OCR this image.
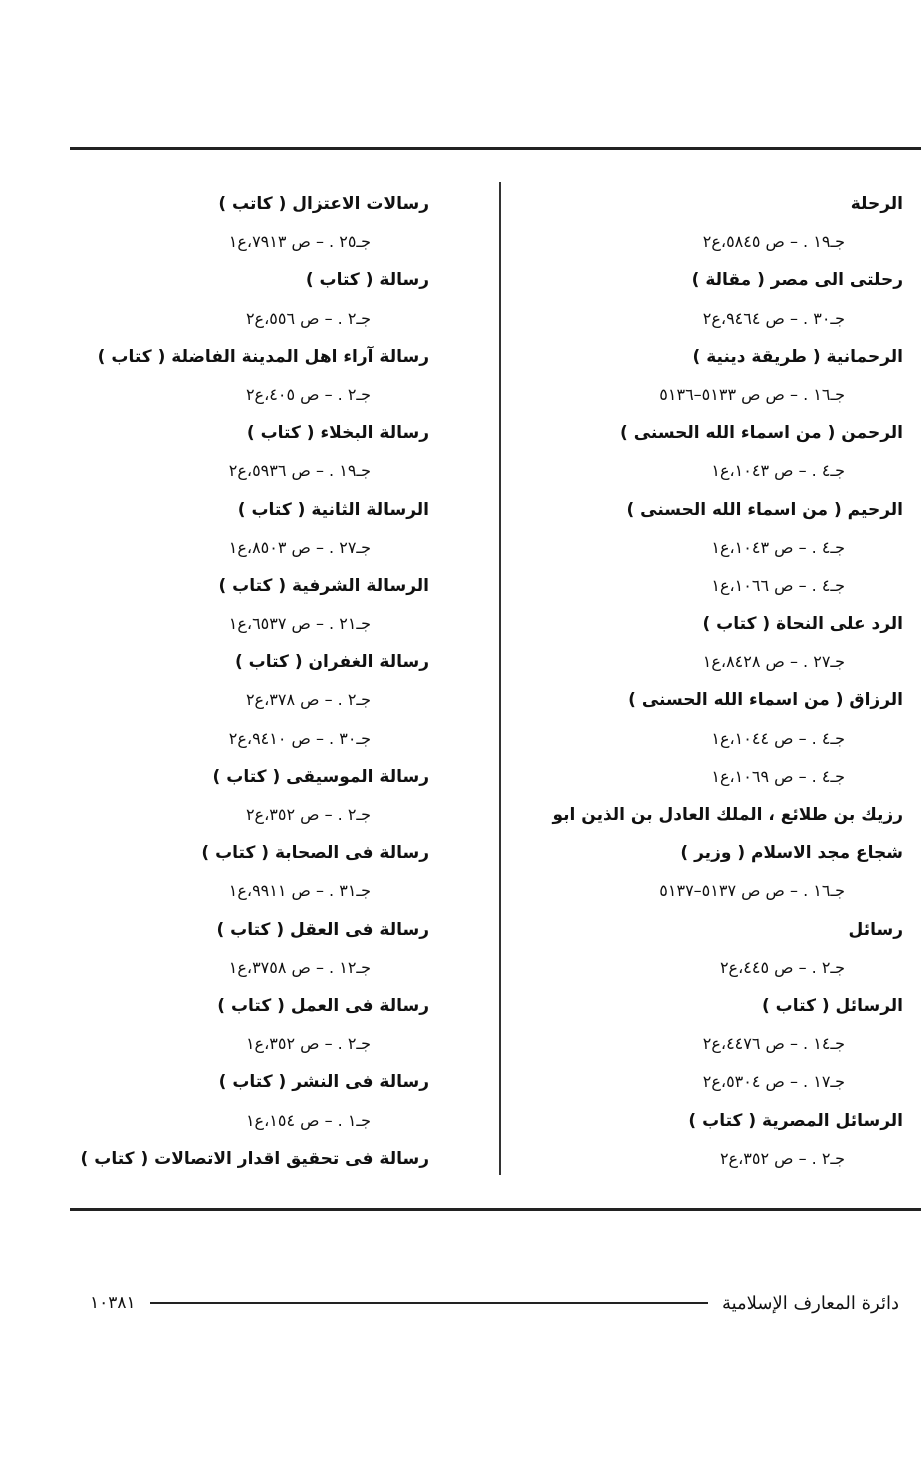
الرحلة
جـ١٩ . – ص ٥٨٤٥،ع٢
رحلتى الى مصر ( مقالة )
جـ٣٠ . – ص ٩٤٦٤،ع٢
الرحمانية ( طريقة دينية )
جـ١٦ . – ص ص ٥١٣٣–٥١٣٦
الرحمن ( من اسماء الله الحسنى )
جـ٤ . – ص ١٠٤٣،ع١
الرحيم ( من اسماء الله الحسنى )
جـ٤ . – ص ١٠٤٣،ع١
جـ٤ . – ص ١٠٦٦،ع١
الرد على النحاة ( كتاب )
جـ٢٧ . – ص ٨٤٢٨،ع١
الرزاق ( من اسماء الله الحسنى )
جـ٤ . – ص ١٠٤٤،ع١
جـ٤ . – ص ١٠٦٩،ع١
رزيك بن طلائع ، الملك العادل بن الذين ابو
شجاع مجد الاسلام ( وزير )
جـ١٦ . – ص ص ٥١٣٧–٥١٣٧
رسائل
جـ٢ . – ص ٤٤٥،ع٢
الرسائل ( كتاب )
جـ١٤ . – ص ٤٤٧٦،ع٢
جـ١٧ . – ص ٥٣٠٤،ع٢
الرسائل المصرية ( كتاب )
جـ٢ . – ص ٣٥٢،ع٢
رسالات الاعتزال ( كاتب )
جـ٢٥ . – ص ٧٩١٣،ع١
رسالة ( كتاب )
جـ٢ . – ص ٥٥٦،ع٢
رسالة آراء اهل المدينة الفاضلة ( كتاب )
جـ٢ . – ص ٤٠٥،ع٢
رسالة البخلاء ( كتاب )
جـ١٩ . – ص ٥٩٣٦،ع٢
الرسالة الثانية ( كتاب )
جـ٢٧ . – ص ٨٥٠٣،ع١
الرسالة الشرفية ( كتاب )
جـ٢١ . – ص ٦٥٣٧،ع١
رسالة الغفران ( كتاب )
جـ٢ . – ص ٣٧٨،ع٢
جـ٣٠ . – ص ٩٤١٠،ع٢
رسالة الموسيقى ( كتاب )
جـ٢ . – ص ٣٥٢،ع٢
رسالة فى الصحابة ( كتاب )
جـ٣١ . – ص ٩٩١١،ع١
رسالة فى العقل ( كتاب )
جـ١٢ . – ص ٣٧٥٨،ع١
رسالة فى العمل ( كتاب )
جـ٢ . – ص ٣٥٢،ع١
رسالة فى النشر ( كتاب )
جـ١ . – ص ١٥٤،ع١
رسالة فى تحقيق اقدار الاتصالات ( كتاب )
دائرة المعارف الإسلامية
١٠٣٨١
